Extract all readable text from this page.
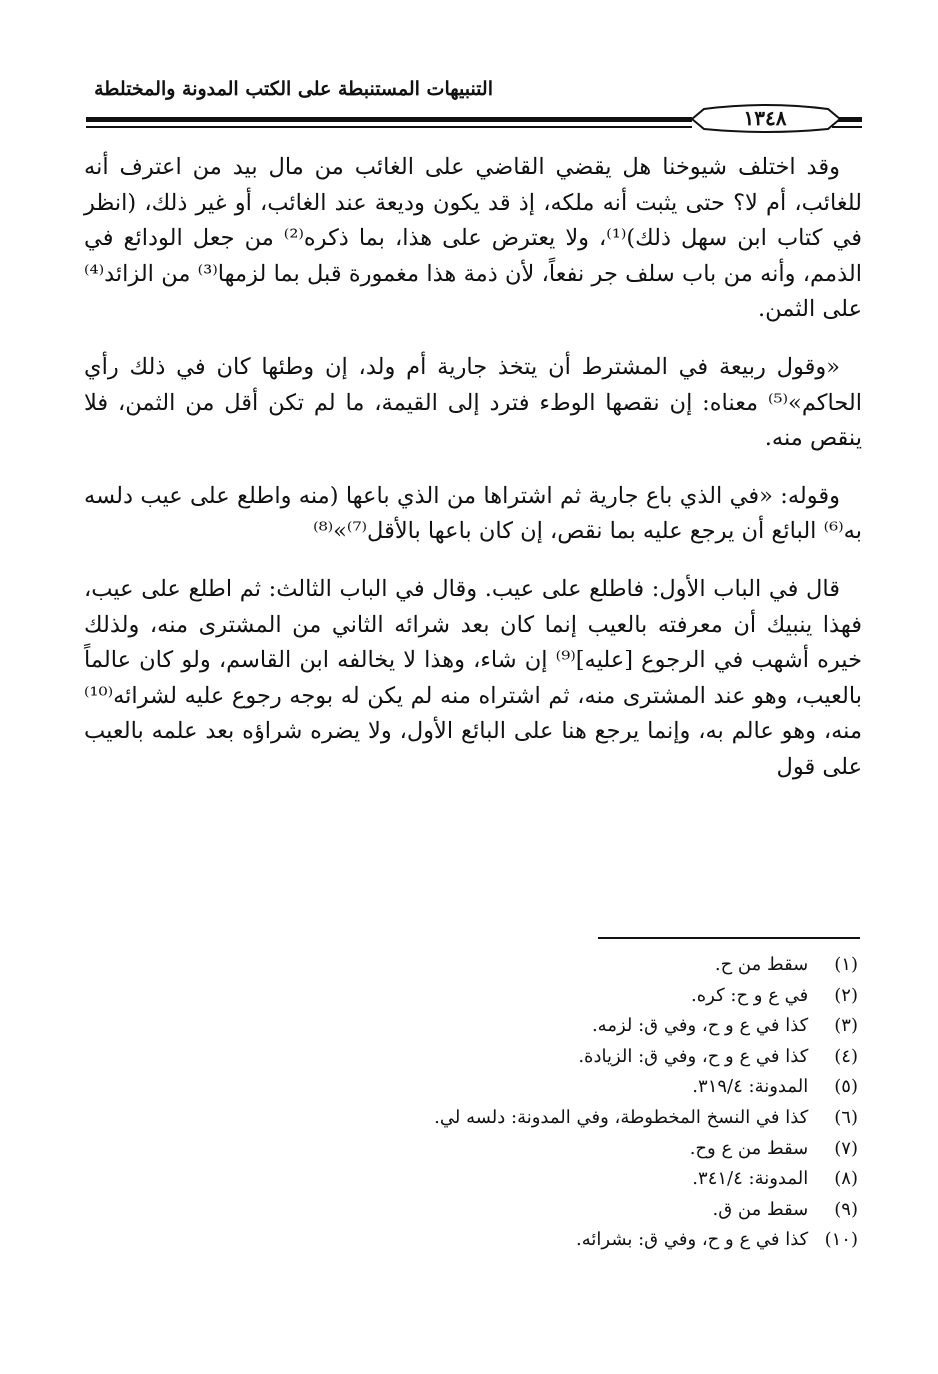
التنبيهات المستنبطة على الكتب المدونة والمختلطة
١٣٤٨

وقد اختلف شيوخنا هل يقضي القاضي على الغائب من مال بيد من اعترف أنه للغائب، أم لا؟ حتى يثبت أنه ملكه، إذ قد يكون وديعة عند الغائب، أو غير ذلك، (انظر في كتاب ابن سهل ذلك)⁽¹⁾، ولا يعترض على هذا، بما ذكره⁽²⁾ من جعل الودائع في الذمم، وأنه من باب سلف جر نفعاً، لأن ذمة هذا مغمورة قبل بما لزمها⁽³⁾ من الزائد⁽⁴⁾ على الثمن.

«وقول ربيعة في المشترط أن يتخذ جارية أم ولد، إن وطئها كان في ذلك رأي الحاكم»⁽⁵⁾ معناه: إن نقصها الوطء فترد إلى القيمة، ما لم تكن أقل من الثمن، فلا ينقص منه.

وقوله: «في الذي باع جارية ثم اشتراها من الذي باعها (منه واطلع على عيب دلسه به⁽⁶⁾ البائع أن يرجع عليه بما نقص، إن كان باعها بالأقل⁽⁷⁾»⁽⁸⁾

قال في الباب الأول: فاطلع على عيب. وقال في الباب الثالث: ثم اطلع على عيب، فهذا ينبيك أن معرفته بالعيب إنما كان بعد شرائه الثاني من المشترى منه، ولذلك خيره أشهب في الرجوع [عليه]⁽⁹⁾ إن شاء، وهذا لا يخالفه ابن القاسم، ولو كان عالماً بالعيب، وهو عند المشترى منه، ثم اشتراه منه لم يكن له بوجه رجوع عليه لشرائه⁽¹⁰⁾ منه، وهو عالم به، وإنما يرجع هنا على البائع الأول، ولا يضره شراؤه بعد علمه بالعيب على قول

(١) سقط من ح.
(٢) في ع و ح: كره.
(٣) كذا في ع و ح، وفي ق: لزمه.
(٤) كذا في ع و ح، وفي ق: الزيادة.
(٥) المدونة: ٣١٩/٤.
(٦) كذا في النسخ المخطوطة، وفي المدونة: دلسه لي.
(٧) سقط من ع وح.
(٨) المدونة: ٣٤١/٤.
(٩) سقط من ق.
(١٠) كذا في ع و ح، وفي ق: بشرائه.
